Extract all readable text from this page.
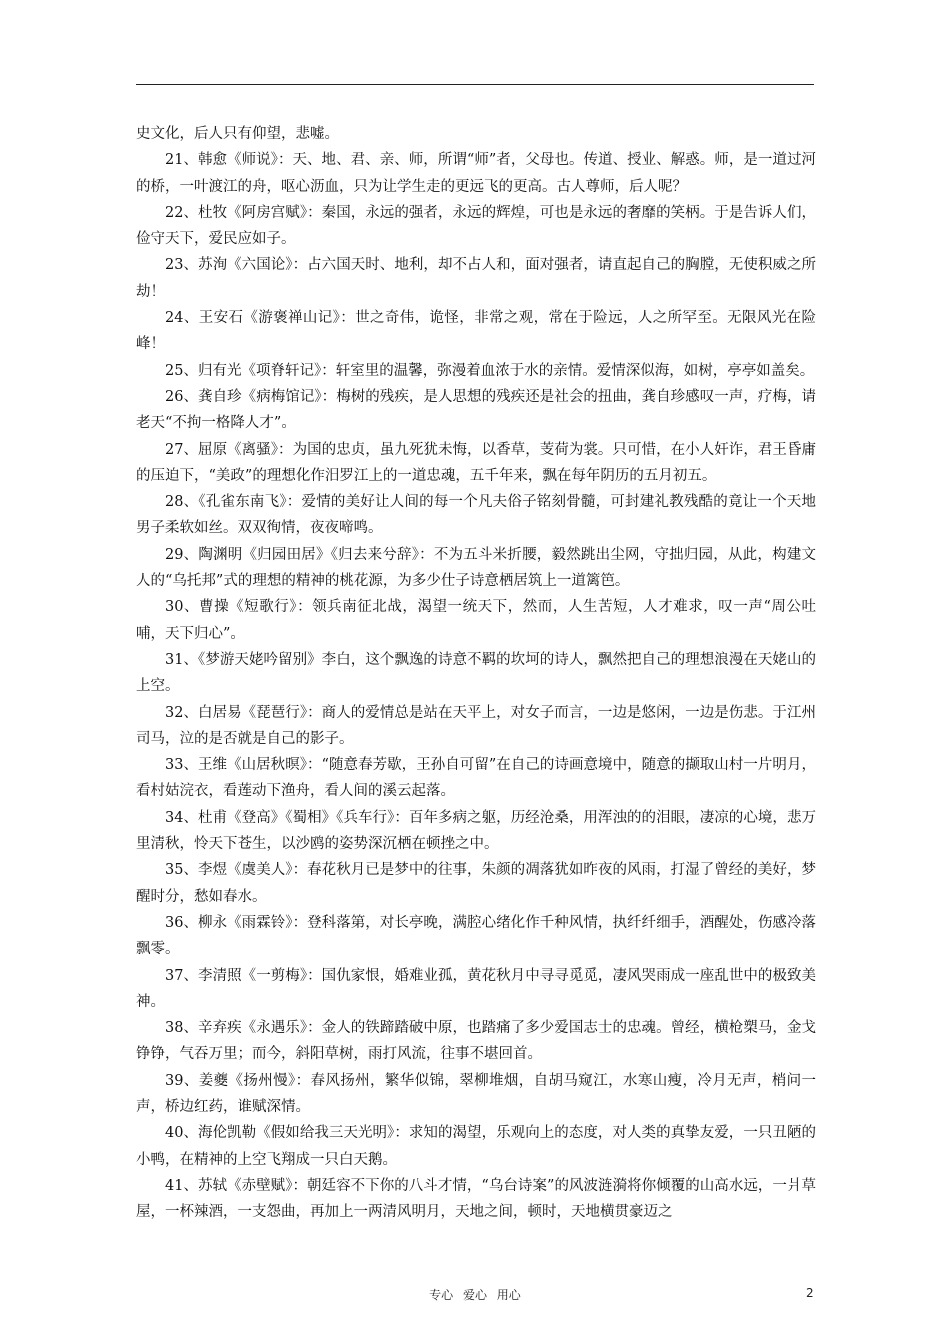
史文化，后人只有仰望，悲嘘。

21、韩愈《师说》：天、地、君、亲、师，所谓“师”者，父母也。传道、授业、解惑。师，是一道过河的桥，一叶渡江的舟，呕心沥血，只为让学生走的更远飞的更高。古人尊师，后人呢？

22、杜牧《阿房宫赋》：秦国，永远的强者，永远的辉煌，可也是永远的奢靡的笑柄。于是告诉人们，俭守天下，爱民应如子。

23、苏洵《六国论》：占六国天时、地利，却不占人和，面对强者，请直起自己的胸膛，无使积威之所劫！

24、王安石《游褒禅山记》：世之奇伟，诡怪，非常之观，常在于险远，人之所罕至。无限风光在险峰！

25、归有光《项脊轩记》：轩室里的温馨，弥漫着血浓于水的亲情。爱情深似海，如树，亭亭如盖矣。

26、龚自珍《病梅馆记》：梅树的残疾，是人思想的残疾还是社会的扭曲，龚自珍感叹一声，疗梅，请老天“不拘一格降人才”。

27、屈原《离骚》：为国的忠贞，虽九死犹未悔，以香草，芰荷为裳。只可惜，在小人奸诈，君王昏庸的压迫下，“美政”的理想化作汨罗江上的一道忠魂，五千年来，飘在每年阴历的五月初五。

28、《孔雀东南飞》：爱情的美好让人间的每一个凡夫俗子铭刻骨髓，可封建礼教残酷的竟让一个天地男子柔软如丝。双双徇情，夜夜啼鸣。

29、陶渊明《归园田居》《归去来兮辞》：不为五斗米折腰，毅然跳出尘网，守拙归园，从此，构建文人的“乌托邦”式的理想的精神的桃花源，为多少仕子诗意栖居筑上一道篱笆。

30、曹操《短歌行》：领兵南征北战，渴望一统天下，然而，人生苦短，人才难求，叹一声“周公吐哺，天下归心”。

31、《梦游天姥吟留别》李白，这个飘逸的诗意不羁的坎坷的诗人，飘然把自己的理想浪漫在天姥山的上空。

32、白居易《琵琶行》：商人的爱情总是站在天平上，对女子而言，一边是悠闲，一边是伤悲。于江州司马，泣的是否就是自己的影子。

33、王维《山居秋暝》：“随意春芳歇，王孙自可留”在自己的诗画意境中，随意的撷取山村一片明月，看村姑浣衣，看莲动下渔舟，看人间的溪云起落。

34、杜甫《登高》《蜀相》《兵车行》：百年多病之躯，历经沧桑，用浑浊的的泪眼，凄凉的心境，悲万里清秋，怜天下苍生，以沙鸥的姿势深沉栖在顿挫之中。

35、李煜《虞美人》：春花秋月已是梦中的往事，朱颜的凋落犹如昨夜的风雨，打湿了曾经的美好，梦醒时分，愁如春水。

36、柳永《雨霖铃》：登科落第，对长亭晚，满腔心绪化作千种风情，执纤纤细手，酒醒处，伤感冷落飘零。

37、李清照《一剪梅》：国仇家恨，婚难业孤，黄花秋月中寻寻觅觅，凄风哭雨成一座乱世中的极致美神。

38、辛弃疾《永遇乐》：金人的铁蹄踏破中原，也踏痛了多少爱国志士的忠魂。曾经，横枪槊马，金戈铮铮，气吞万里；而今，斜阳草树，雨打风流，往事不堪回首。

39、姜夔《扬州慢》：春风扬州，繁华似锦，翠柳堆烟，自胡马窥江，水寒山瘦，冷月无声，梢问一声，桥边红药，谁赋深情。

40、海伦凯勒《假如给我三天光明》：求知的渴望，乐观向上的态度，对人类的真挚友爱，一只丑陋的小鸭，在精神的上空飞翔成一只白天鹅。

41、苏轼《赤壁赋》：朝廷容不下你的八斗才情，“乌台诗案”的风波涟漪将你倾覆的山高水远，一爿草屋，一杯辣酒，一支怨曲，再加上一两清风明月，天地之间，顿时，天地横贯豪迈之

专心 爱心 用心	2
